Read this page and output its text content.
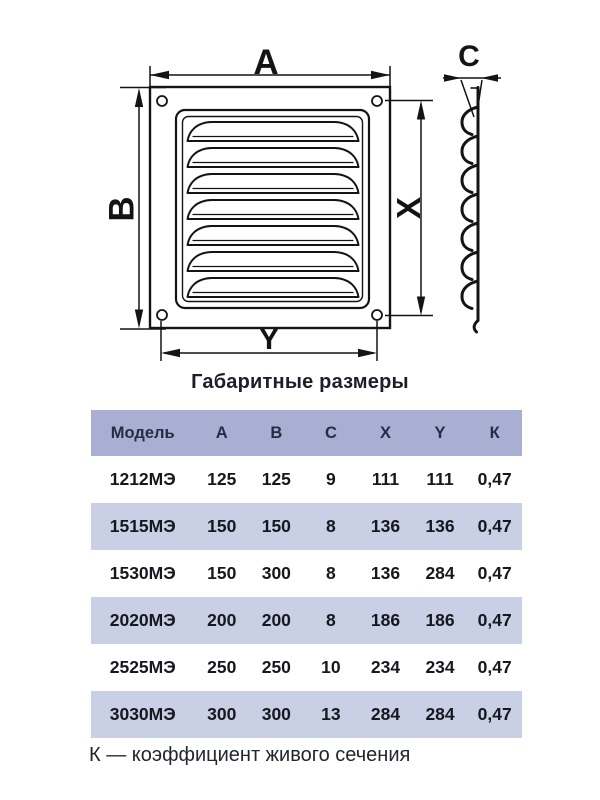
A
B	X
Y
C
Габаритные размеры
Модель	A	B	C	X	Y	К
1212МЭ	125	125	9	111	111	0,47
1515МЭ	150	150	8	136	136	0,47
1530МЭ	150	300	8	136	284	0,47
2020МЭ	200	200	8	186	186	0,47
2525МЭ	250	250	10	234	234	0,47
3030МЭ	300	300	13	284	284	0,47
К — коэффициент живого сечения
